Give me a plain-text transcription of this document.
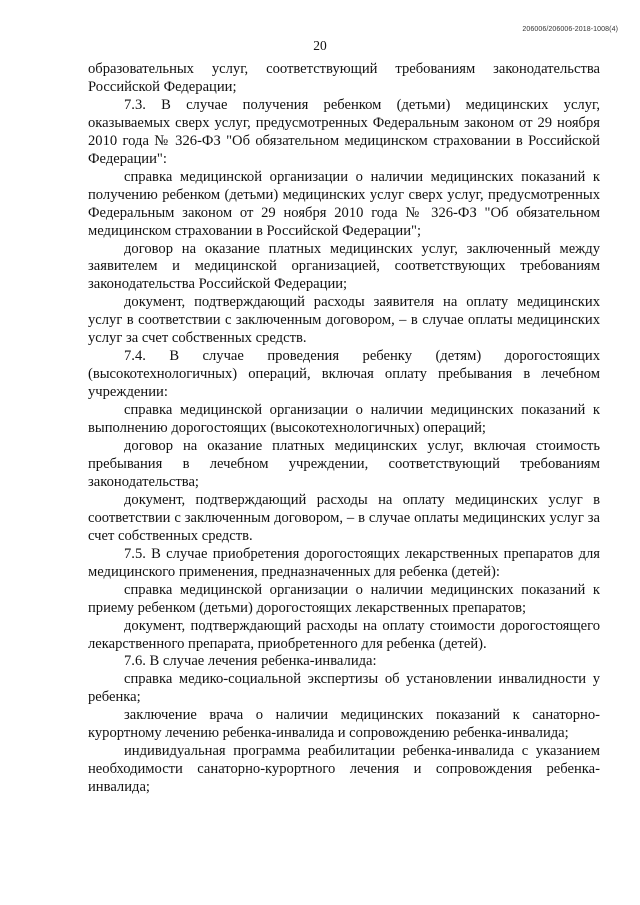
206006/206006-2018-1008(4)
20

образовательных услуг, соответствующий требованиям законодательства Российской Федерации;

7.3. В случае получения ребенком (детьми) медицинских услуг, оказываемых сверх услуг, предусмотренных Федеральным законом от 29 ноября 2010 года № 326-ФЗ "Об обязательном медицинском страховании в Российской Федерации":

справка медицинской организации о наличии медицинских показаний к получению ребенком (детьми) медицинских услуг сверх услуг, предусмотренных Федеральным законом от 29 ноября 2010 года № 326-ФЗ "Об обязательном медицинском страховании в Российской Федерации";

договор на оказание платных медицинских услуг, заключенный между заявителем и медицинской организацией, соответствующих требованиям законодательства Российской Федерации;

документ, подтверждающий расходы заявителя на оплату медицинских услуг в соответствии с заключенным договором, – в случае оплаты медицинских услуг за счет собственных средств.

7.4. В случае проведения ребенку (детям) дорогостоящих (высокотехнологичных) операций, включая оплату пребывания в лечебном учреждении:

справка медицинской организации о наличии медицинских показаний к выполнению дорогостоящих (высокотехнологичных) операций;

договор на оказание платных медицинских услуг, включая стоимость пребывания в лечебном учреждении, соответствующий требованиям законодательства;

документ, подтверждающий расходы на оплату медицинских услуг в соответствии с заключенным договором, – в случае оплаты медицинских услуг за счет собственных средств.

7.5. В случае приобретения дорогостоящих лекарственных препаратов для медицинского применения, предназначенных для ребенка (детей):

справка медицинской организации о наличии медицинских показаний к приему ребенком (детьми) дорогостоящих лекарственных препаратов;

документ, подтверждающий расходы на оплату стоимости дорогостоящего лекарственного препарата, приобретенного для ребенка (детей).

7.6. В случае лечения ребенка-инвалида:

справка медико-социальной экспертизы об установлении инвалидности у ребенка;

заключение врача о наличии медицинских показаний к санаторно-курортному лечению ребенка-инвалида и сопровождению ребенка-инвалида;

индивидуальная программа реабилитации ребенка-инвалида с указанием необходимости санаторно-курортного лечения и сопровождения ребенка-инвалида;
